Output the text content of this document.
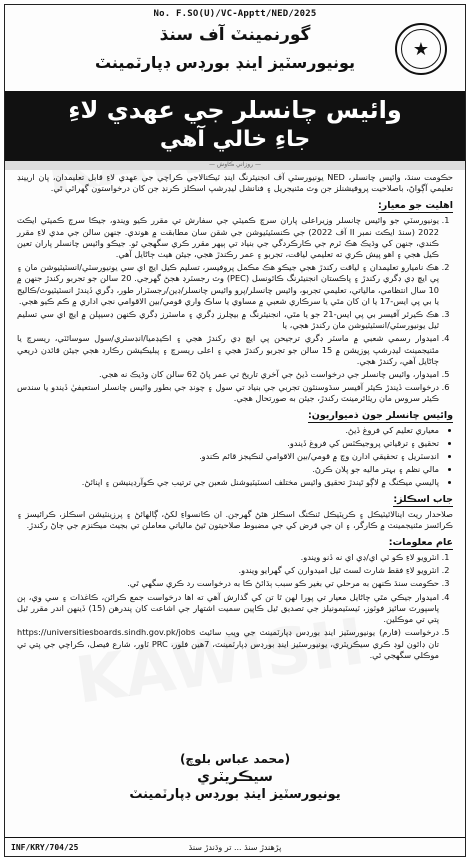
No. F.SO(U)/VC-Apptt/NED/2025
★
گورنمينٽ آف سنڌ
يونيورسٽيز اينڊ بورڊس ڊپارٽمينٽ
وائيس چانسلر جي عهدي لاءِ
جاءِ خالي آهي
— روزاني ڪاوش —

حڪومت سنڌ، وائيس چانسلر، NED يونيورسٽي آف انجنيئرنگ اينڊ ٽيڪنالاجي ڪراچي جي عهدي لاءِ قابل تعليمدان، پان اريينڊ تعليمي آڳواڻ، باصلاحيت پروفيشنلز جن وٽ مئنيجريل ۽ فنانشل ليڊرشپ اسڪلز ڪرنڊ جن کان درخواستون گهرائي ٿي.

اهليت جو معيار:
1. يونيورسٽي جو وائيس چانسلر وزيراعلى پاران سرچ ڪميٽي جي سفارش تي مقرر ڪيو ويندو، جيڪا سرچ ڪميٽي ايڪٽ 2022 (سنڌ ايڪٽ نمبر II آف 2022) جي ڪنسٽيٽيوشن جي شقن سان مطابقت ۾ هوندي. جنهن سالن جي مدي لاءِ مقرر ڪندي، جنهن کي وڌيڪ هڪ ٽرم جي ڪارڪردگي جي بنياد تي ٻيهر مقرر ڪري سگهجي ٿو. جيڪو وائيس چانسلر پاران تعين ڪيل هجي ۽ اهو پيش ڪري ته تعليمي لياقت، تجربو ۽ عمر رڪندڙ هجي، جيئن هيٺ ڄاڻايل آهي.
2. هڪ ناميارو تعليمدان ۽ لياقت رکندڙ هجي جيڪو هڪ مڪمل پروفيسر، تسليم ڪيل ايڇ اي سي يونيورسٽي/انسٽيٽيوشن مان ۽ پي ايڇ ڊي ڊگري رکندڙ ۽ پاڪستان انجنيئرنگ ڪائونسل (PEC) وٽ رجسٽرڊ هجڻ گهرجي. 20 سالن جو تجربو رکندڙ جنهن ۾ 10 سال انتظامي، مالياتي، تعليمي تجربو، وائيس چانسلر/پرو وائيس چانسلر/ڊين/رجسٽرار طور، ڊگري ڏيندڙ انسٽيٽيوٽ/ڪاليج يا بي پي ايس-17 يا ان کان مٿي يا سرڪاري شعبي ۾ مساوي يا ساڪ واري قومي/بين الاقوامي نجي اداري ۾ ڪم ڪيو هجي.
3. هڪ ڪيرئر آفيسر بي پي ايس-21 جو يا مٿي، انجنيئرنگ ۾ بيچلرز ڊگري ۽ ماسٽرز ڊگري ڪنهن ڊسيپلن ۾ ايڇ اي سي تسليم ٿيل يونيورسٽي/انسٽيٽيوشن مان رکندڙ هجي، يا
4. اميدوار رسمي شعبي ۾ ماسٽر ڊگري ترجيحن پي ايڇ ڊي رکندڙ هجي ۽ اڪيڊميا/انڊسٽري/سول سوسائٽي، ريسرچ يا مئنيجمينٽ ليڊرشپ پوزيشن ۾ 15 سالن جو تجربو رکندڙ هجي ۽ اعلى ريسرچ ۽ پبليڪيشن رڪارڊ هجي جيئن قائدن ذريعي ڄاڻايل آهي، رکندڙ هجي.
5. اميدوار، وائيس چانسلر جي درخواست ڏيڻ جي آخري تاريخ تي عمر پاڻ 62 سالن کان وڌيڪ نه هجي.
6. درخواست ڏيندڙ ڪيئر آفيسر سڌوسنئون تجربي جي بنياد تي سول ۽ چونڊ جي بطور وائيس چانسلر استعيفيٰ ڏيندو يا سندس ڪيئر سروس مان ريٽائرمينٽ رکندڙ، جيئن به صورتحال هجي.
وائيس چانسلر جون ذميواريون:
• معياري تعليم کي فروغ ڏيڻ.
• تحقيق ۽ ترقياتي پروجيڪٽس کي فروغ ڏيندو.
• انڊسٽريل ۽ تحقيقي ادارن وچ ۾ قومي/بين الاقوامي لنڪيجز قائم ڪندو.
• مالي نظم ۽ بہتر ماليه جو پلان ڪرڻ.
• پاليسي ميڪنگ ۾ لاڳو ٿيندڙ تحقيق وائيس مختلف انسٽيٽيوشنل شعبن جي ترتيب جي ڪوآرڊينيشن ۽ اپنائڻ.
جاب اسڪلز:

صلاحدار ريٽ اينالائيٽيڪل ۽ ڪريٽيڪل ٿنڪنگ اسڪلز هئڻ گهرجن. ان ڪانسواءِ لکڻ، ڳالهائڻ ۽ پرزينٽيشن اسڪلز، ڪرائيسز ۽ ڪرائسز مئنيجمينٽ ۾ ڪارگر، ۽ ان جي قرض کي جي مضبوط صلاحيتون ٿيڻ مالياتي معاملن تي بجيٽ ميڪنزم جي ڄاڻ رکندڙ.

عام معلومات:
1. انٽرويو لاءِ ڪو ٽي اي/ڊي اي نه ڏنو ويندو.
2. انٽرويو لاءِ فقط شارٽ لسٽ ٿيل اميدوارن کي گهرايو ويندو.
3. حڪومت سنڌ ڪنهن به مرحلي تي بغير ڪو سبب ٻڌائڻ ڪا به درخواست رد ڪري سگهي ٿي.
4. اميدوار جيڪي مٿي ڄاڻايل معيار تي پورا لهن ٿا تن کي گذارش آهي ته اها درخواست جمع ڪرائن، ڪاغذات ۽ سي وي، ٻن پاسپورٽ سائيز فوٽوز، ٽيسٽيمونيلز جي تصديق ٿيل ڪاپين سميت اشتهار جي اشاعت کان پندرهن (15) ڏينهن اندر مقرر ٿيل پتي تي موڪلين.
5. درخواست (فارم) يونيورسٽيز اينڊ بورڊس ڊپارٽمينٽ جي ويب سائيٽ https://universitiesboards.sindh.gov.pk/jobs تان ڊائون لوڊ ڪري سيڪريٽري، يونيورسٽيز اينڊ بورڊس ڊپارٽمينٽ، 7هين فلور، PRC ٽاور، شارع فيصل، ڪراچي جي پتي تي موڪلي سگهجي ٿي.
(محمد عباس بلوچ)
سيڪريٽري
يونيورسٽيز اينڊ بورڊس ڊپارٽمينٽ
INF/KRY/704/25	پڙهندڙ سنڌ ... تر وڌندڙ سنڌ
